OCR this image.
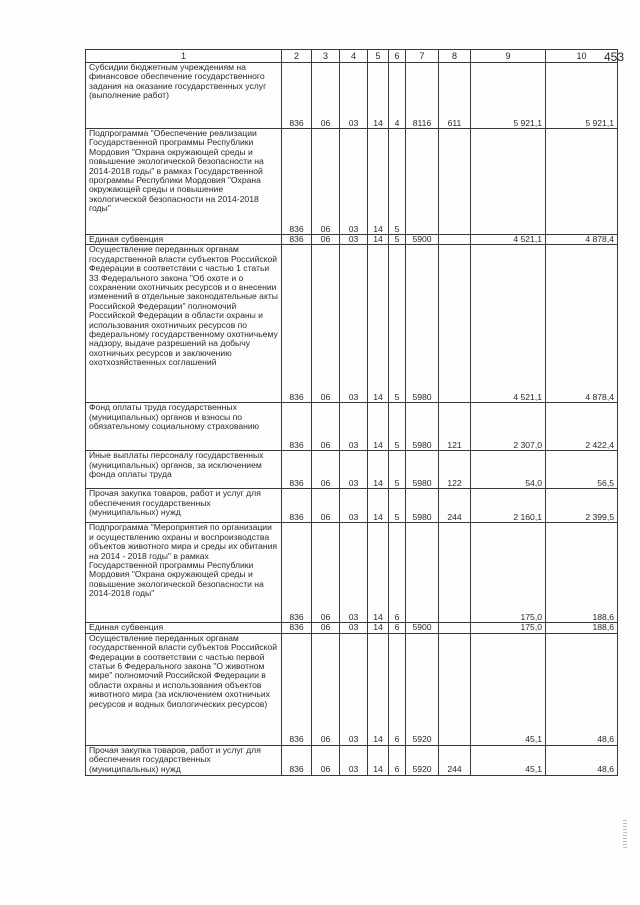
453
1	2	3	4	5	6	7	8	9	10
Субсидии бюджетным учреждениям на финансовое обеспечение государственного задания на оказание государственных услуг (выполнение работ)	836	06	03	14	4	8116	611	5 921,1	5 921,1
Подпрограмма "Обеспечение реализации Государственной программы Республики Мордовия "Охрана окружающей среды и повышение экологической безопасности на 2014-2018 годы" в рамках Государственной программы Республики Мордовия "Охрана окружающей среды и повышение экологической безопасности на 2014-2018 годы"	836	06	03	14	5				
Единая субвенция	836	06	03	14	5	5900		4 521,1	4 878,4
Осуществление переданных органам государственной власти субъектов Российской Федерации в соответствии с частью 1 статьи 33 Федерального закона "Об охоте и о сохранении охотничьих ресурсов и о внесении изменений в отдельные законодательные акты Российской Федерации" полномочий Российской Федерации в области охраны и использования охотничьих ресурсов по федеральному государственному охотничьему надзору, выдаче разрешений на добычу охотничьих ресурсов и заключению охотхозяйственных соглашений	836	06	03	14	5	5980		4 521,1	4 878,4
Фонд оплаты труда государственных (муниципальных) органов и взносы по обязательному социальному страхованию	836	06	03	14	5	5980	121	2 307,0	2 422,4
Иные выплаты персоналу государственных (муниципальных) органов, за исключением фонда оплаты труда	836	06	03	14	5	5980	122	54,0	56,5
Прочая закупка товаров, работ и услуг для обеспечения государственных (муниципальных) нужд	836	06	03	14	5	5980	244	2 160,1	2 399,5
Подпрограмма "Мероприятия по организации и осуществлению охраны и воспроизводства объектов животного мира и среды их обитания на 2014 - 2018 годы" в рамках Государственной программы Республики Мордовия "Охрана окружающей среды и повышение экологической безопасности на 2014-2018 годы"	836	06	03	14	6			175,0	188,6
Единая субвенция	836	06	03	14	6	5900		175,0	188,6
Осуществление переданных органам государственной власти субъектов Российской Федерации в соответствии с частью первой статьи 6 Федерального закона "О животном мире" полномочий Российской Федерации в области охраны и использования объектов животного мира (за исключением охотничьих ресурсов и водных биологических ресурсов)	836	06	03	14	6	5920		45,1	48,6
Прочая закупка товаров, работ и услуг для обеспечения государственных (муниципальных) нужд	836	06	03	14	6	5920	244	45,1	48,6
